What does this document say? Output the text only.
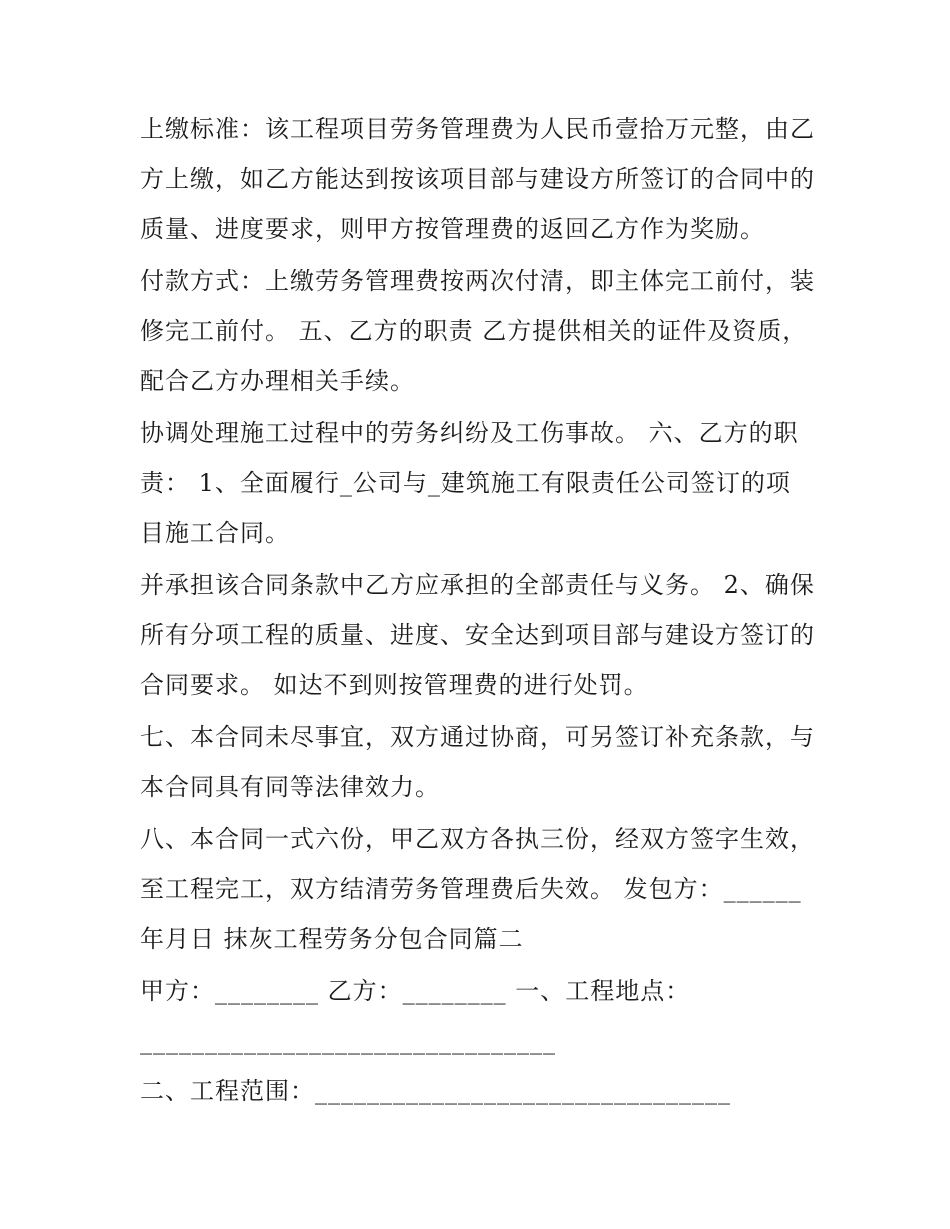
上缴标准：该工程项目劳务管理费为人民币壹拾万元整，由乙
方上缴，如乙方能达到按该项目部与建设方所签订的合同中的
质量、进度要求，则甲方按管理费的返回乙方作为奖励。
付款方式：上缴劳务管理费按两次付清，即主体完工前付，装
修完工前付。 五、乙方的职责 乙方提供相关的证件及资质，
配合乙方办理相关手续。
协调处理施工过程中的劳务纠纷及工伤事故。 六、乙方的职
责： 1、全面履行_公司与_建筑施工有限责任公司签订的项
目施工合同。
并承担该合同条款中乙方应承担的全部责任与义务。 2、确保
所有分项工程的质量、进度、安全达到项目部与建设方签订的
合同要求。 如达不到则按管理费的进行处罚。
七、本合同未尽事宜，双方通过协商，可另签订补充条款，与
本合同具有同等法律效力。
八、本合同一式六份，甲乙双方各执三份，经双方签字生效，
至工程完工，双方结清劳务管理费后失效。 发包方：______
年月日 抹灰工程劳务分包合同篇二
甲方：________ 乙方：________ 一、工程地点：
________________________________
二、工程范围：________________________________
